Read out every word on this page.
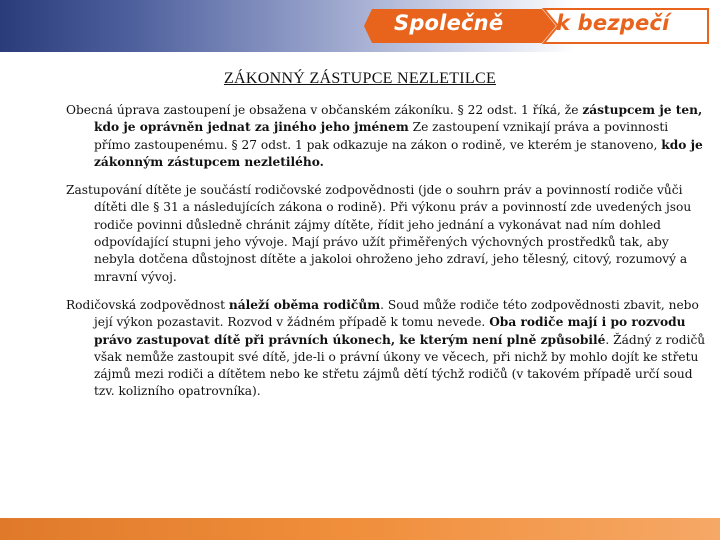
Společně	k bezpečí
ZÁKONNÝ ZÁSTUPCE NEZLETILCE

Obecná úprava zastoupení je obsažena v občanském zákoníku. § 22 odst. 1 říká, že zástupcem je ten, kdo je oprávněn jednat za jiného jeho jménem Ze zastoupení vznikají práva a povinnosti přímo zastoupenému. § 27 odst. 1 pak odkazuje na zákon o rodině, ve kterém je stanoveno, kdo je zákonným zástupcem nezletilého.

Zastupování dítěte je součástí rodičovské zodpovědnosti (jde o souhrn práv a povinností rodiče vůči dítěti dle § 31 a následujících zákona o rodině). Při výkonu práv a povinností zde uvedených jsou rodiče povinni důsledně chránit zájmy dítěte, řídit jeho jednání a vykonávat nad ním dohled odpovídající stupni jeho vývoje. Mají právo užít přiměřených výchovných prostředků tak, aby nebyla dotčena důstojnost dítěte a jakoloi ohroženo jeho zdraví, jeho tělesný, citový, rozumový a mravní vývoj.

Rodičovská zodpovědnost náleží oběma rodičům. Soud může rodiče této zodpovědnosti zbavit, nebo její výkon pozastavit. Rozvod v žádném případě k tomu nevede. Oba rodiče mají i po rozvodu právo zastupovat dítě při právních úkonech, ke kterým není plně způsobilé. Žádný z rodičů však nemůže zastoupit své dítě, jde-li o právní úkony ve věcech, při nichž by mohlo dojít ke střetu zájmů mezi rodiči a dítětem nebo ke střetu zájmů dětí týchž rodičů (v takovém případě určí soud tzv. kolizního opatrovníka).
